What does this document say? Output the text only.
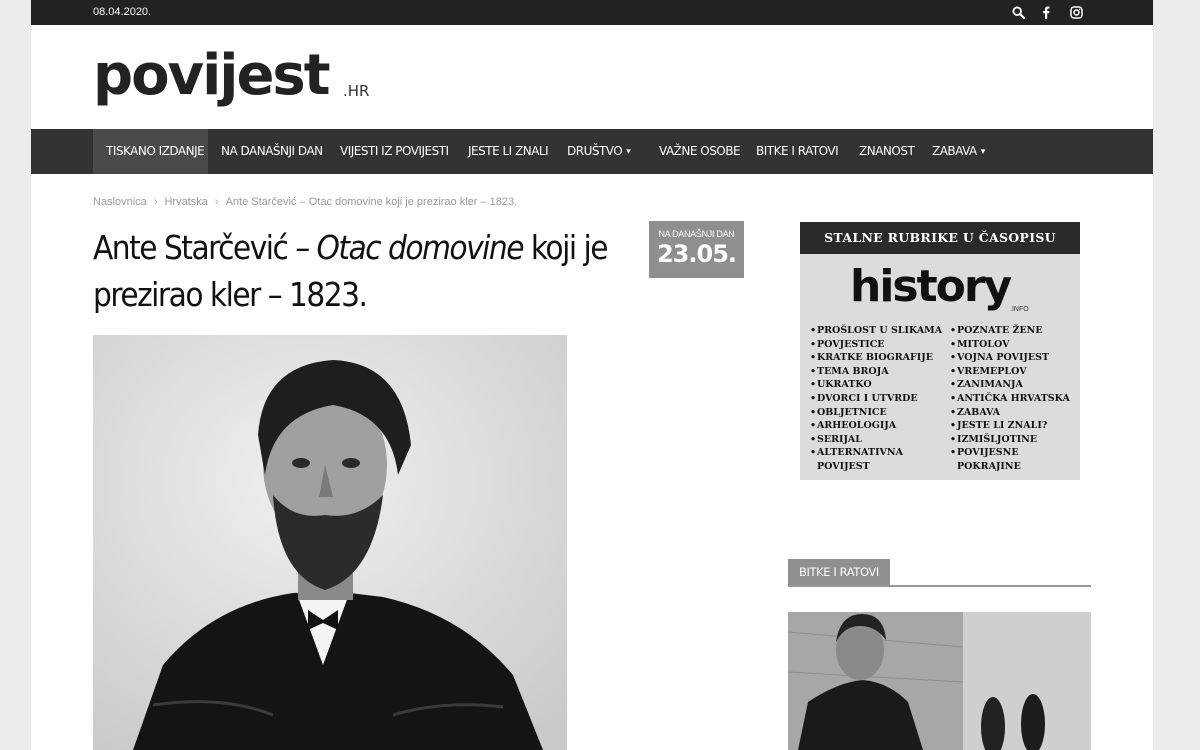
08.04.2020.
povijest .HR
TISKANO IZDANJE	NA DANAŠNJI DAN	VIJESTI IZ POVIJESTI	JESTE LI ZNALI	DRUŠTVO ▾	VAŽNE OSOBE	BITKE I RATOVI	ZNANOST	ZABAVA ▾
Naslovnica › Hrvatska › Ante Starčević – Otac domovine koji je prezirao kler – 1823.
Ante Starčević – Otac domovine koji je prezirao kler – 1823.
NA DANAŠNJI DAN
23.05.
STALNE RUBRIKE U ČASOPISU
history .INFO
•PROŠLOST U SLIKAMA
•POVJESTICE
•KRATKE BIOGRAFIJE
•TEMA BROJA
•UKRATKO
•DVORCI I UTVRDE
•OBLJETNICE
•ARHEOLOGIJA
•SERIJAL
•ALTERNATIVNA
POVIJEST
•POZNATE ŽENE
•MITOLOV
•VOJNA POVIJEST
•VREMEPLOV
•ZANIMANJA
•ANTIČKA HRVATSKA
•ZABAVA
•JESTE LI ZNALI?
•IZMIŠLJOTINE
•POVIJESNE
POKRAJINE
BITKE I RATOVI
